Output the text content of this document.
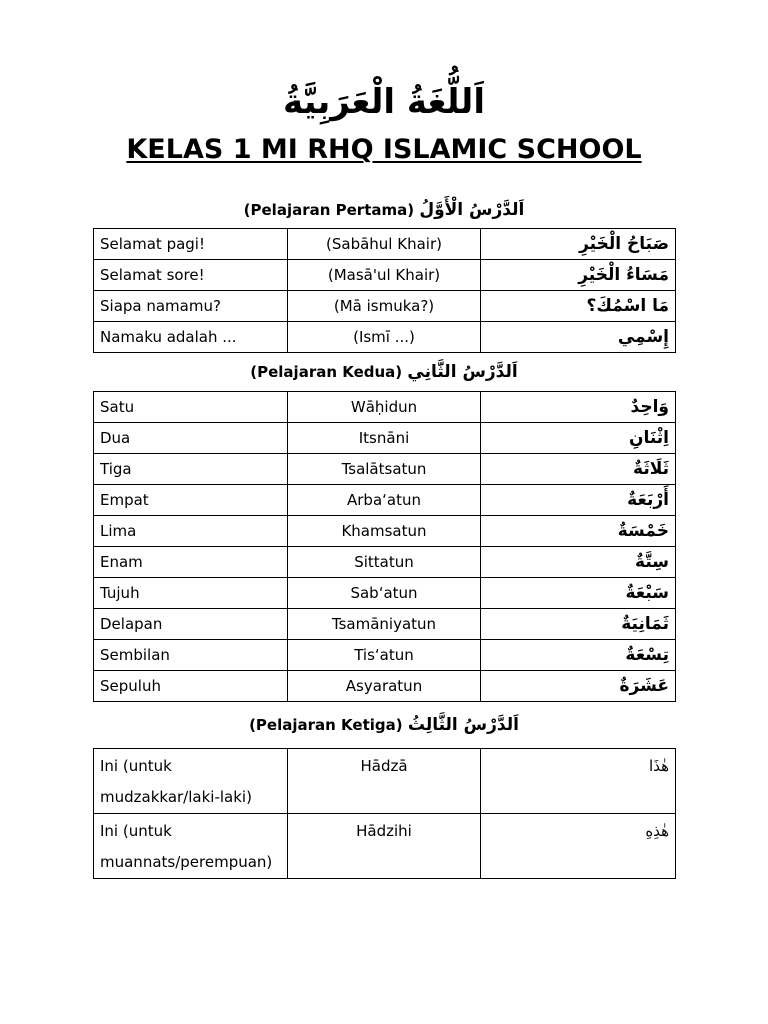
اَللُّغَةُ الْعَرَبِيَّةُ
KELAS 1 MI RHQ ISLAMIC SCHOOL
(Pelajaran Pertama) اَلدَّرْسُ الْأَوَّلُ
Selamat pagi!	(Sabāhul Khair)	صَبَاحُ الْخَيْرِ
Selamat sore!	(Masā'ul Khair)	مَسَاءُ الْخَيْرِ
Siapa namamu?	(Mā ismuka?)	مَا اسْمُكَ؟
Namaku adalah ...	(Ismī ...)	إِسْمِي
(Pelajaran Kedua) اَلدَّرْسُ الثَّانِي
Satu	Wāḥidun	وَاحِدٌ
Dua	Itsnāni	اِثْنَانِ
Tiga	Tsalātsatun	ثَلَاثَةٌ
Empat	Arba‘atun	أَرْبَعَةٌ
Lima	Khamsatun	خَمْسَةٌ
Enam	Sittatun	سِتَّةٌ
Tujuh	Sab‘atun	سَبْعَةٌ
Delapan	Tsamāniyatun	ثَمَانِيَةٌ
Sembilan	Tis‘atun	تِسْعَةٌ
Sepuluh	Asyaratun	عَشَرَةٌ
(Pelajaran Ketiga) اَلدَّرْسُ الثَّالِثُ
Ini (untuk
mudzakkar/laki-laki)	Hādzā	هٰذَا

Ini (untuk
muannats/perempuan)	Hādzihi	هٰذِهِ
